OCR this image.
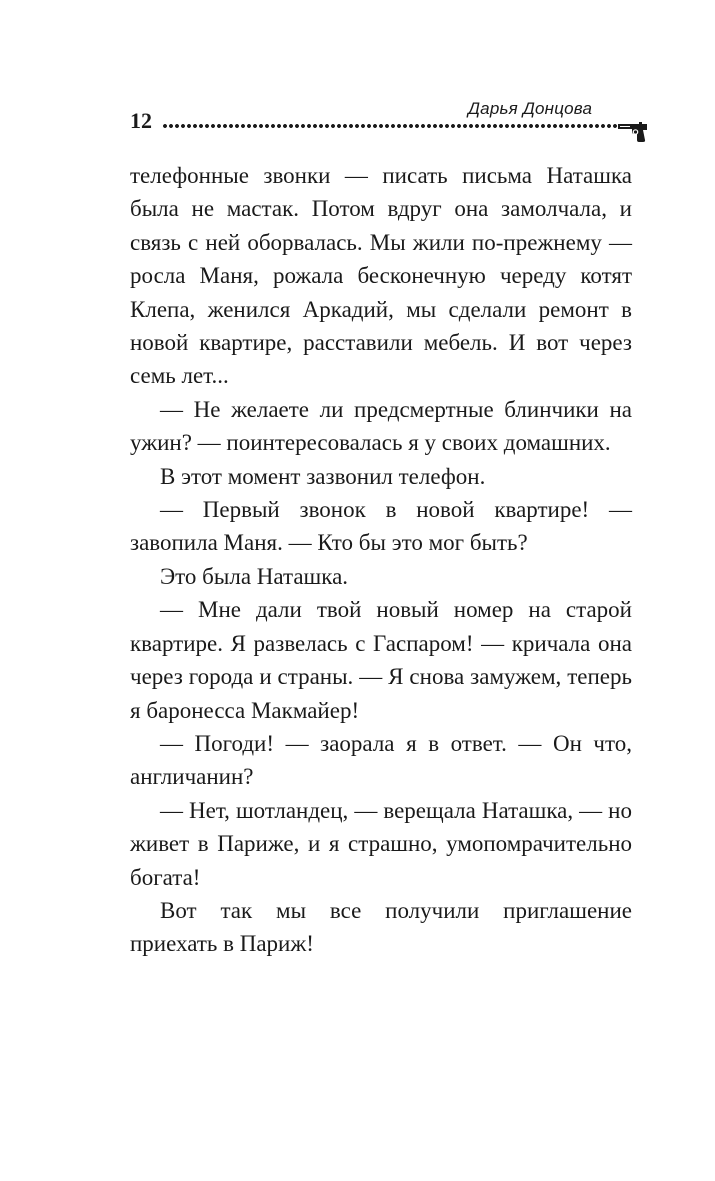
12	Дарья Донцова

телефонные звонки — писать письма Наташка была не мастак. Потом вдруг она замолчала, и связь с ней оборвалась. Мы жили по-прежнему — росла Маня, рожала бесконечную череду котят Клепа, женился Аркадий, мы сделали ремонт в новой квартире, расставили мебель. И вот через семь лет...

— Не желаете ли предсмертные блинчики на ужин? — поинтересовалась я у своих домашних.

В этот момент зазвонил телефон.

— Первый звонок в новой квартире! — завопила Маня. — Кто бы это мог быть?

Это была Наташка.

— Мне дали твой новый номер на старой квартире. Я развелась с Гаспаром! — кричала она через города и страны. — Я снова замужем, теперь я баронесса Макмайер!

— Погоди! — заорала я в ответ. — Он что, англичанин?

— Нет, шотландец, — верещала Наташка, — но живет в Париже, и я страшно, умопомрачительно богата!

Вот так мы все получили приглашение приехать в Париж!
